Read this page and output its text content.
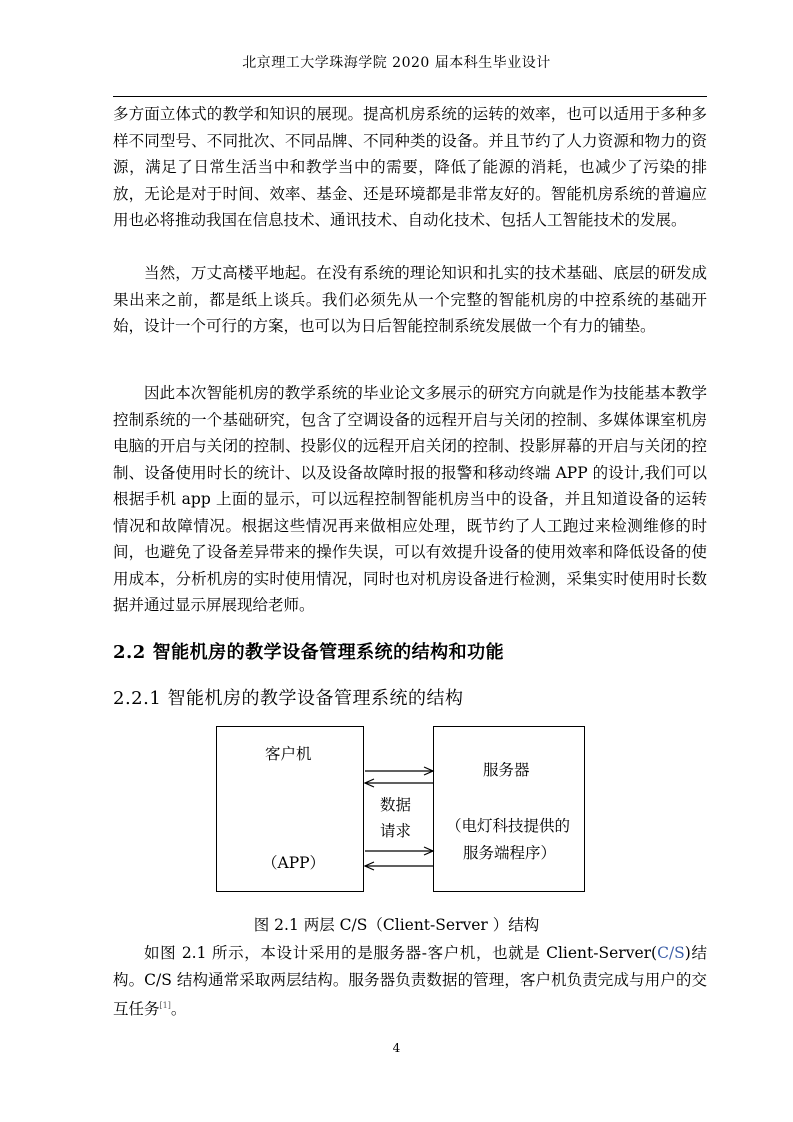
北京理工大学珠海学院 2020 届本科生毕业设计

多方面立体式的教学和知识的展现。提高机房系统的运转的效率，也可以适用于多种多样不同型号、不同批次、不同品牌、不同种类的设备。并且节约了人力资源和物力的资源，满足了日常生活当中和教学当中的需要，降低了能源的消耗，也减少了污染的排放，无论是对于时间、效率、基金、还是环境都是非常友好的。智能机房系统的普遍应用也必将推动我国在信息技术、通讯技术、自动化技术、包括人工智能技术的发展。

当然，万丈高楼平地起。在没有系统的理论知识和扎实的技术基础、底层的研发成果出来之前，都是纸上谈兵。我们必须先从一个完整的智能机房的中控系统的基础开始，设计一个可行的方案，也可以为日后智能控制系统发展做一个有力的铺垫。

因此本次智能机房的教学系统的毕业论文多展示的研究方向就是作为技能基本教学控制系统的一个基础研究，包含了空调设备的远程开启与关闭的控制、多媒体课室机房电脑的开启与关闭的控制、投影仪的远程开启关闭的控制、投影屏幕的开启与关闭的控制、设备使用时长的统计、以及设备故障时报的报警和移动终端 APP 的设计,我们可以根据手机 app 上面的显示，可以远程控制智能机房当中的设备，并且知道设备的运转情况和故障情况。根据这些情况再来做相应处理，既节约了人工跑过来检测维修的时间，也避免了设备差异带来的操作失误，可以有效提升设备的使用效率和降低设备的使用成本，分析机房的实时使用情况，同时也对机房设备进行检测，采集实时使用时长数据并通过显示屏展现给老师。

2.2 智能机房的教学设备管理系统的结构和功能
2.2.1 智能机房的教学设备管理系统的结构
客户机
（APP）
服务器
（电灯科技提供的
服务端程序）
数据
请求
图 2.1 两层 C/S（Client-Server ）结构

如图 2.1 所示，本设计采用的是服务器-客户机，也就是 Client-Server(C/S)结构。C/S 结构通常采取两层结构。服务器负责数据的管理，客户机负责完成与用户的交互任务[1]。

4
